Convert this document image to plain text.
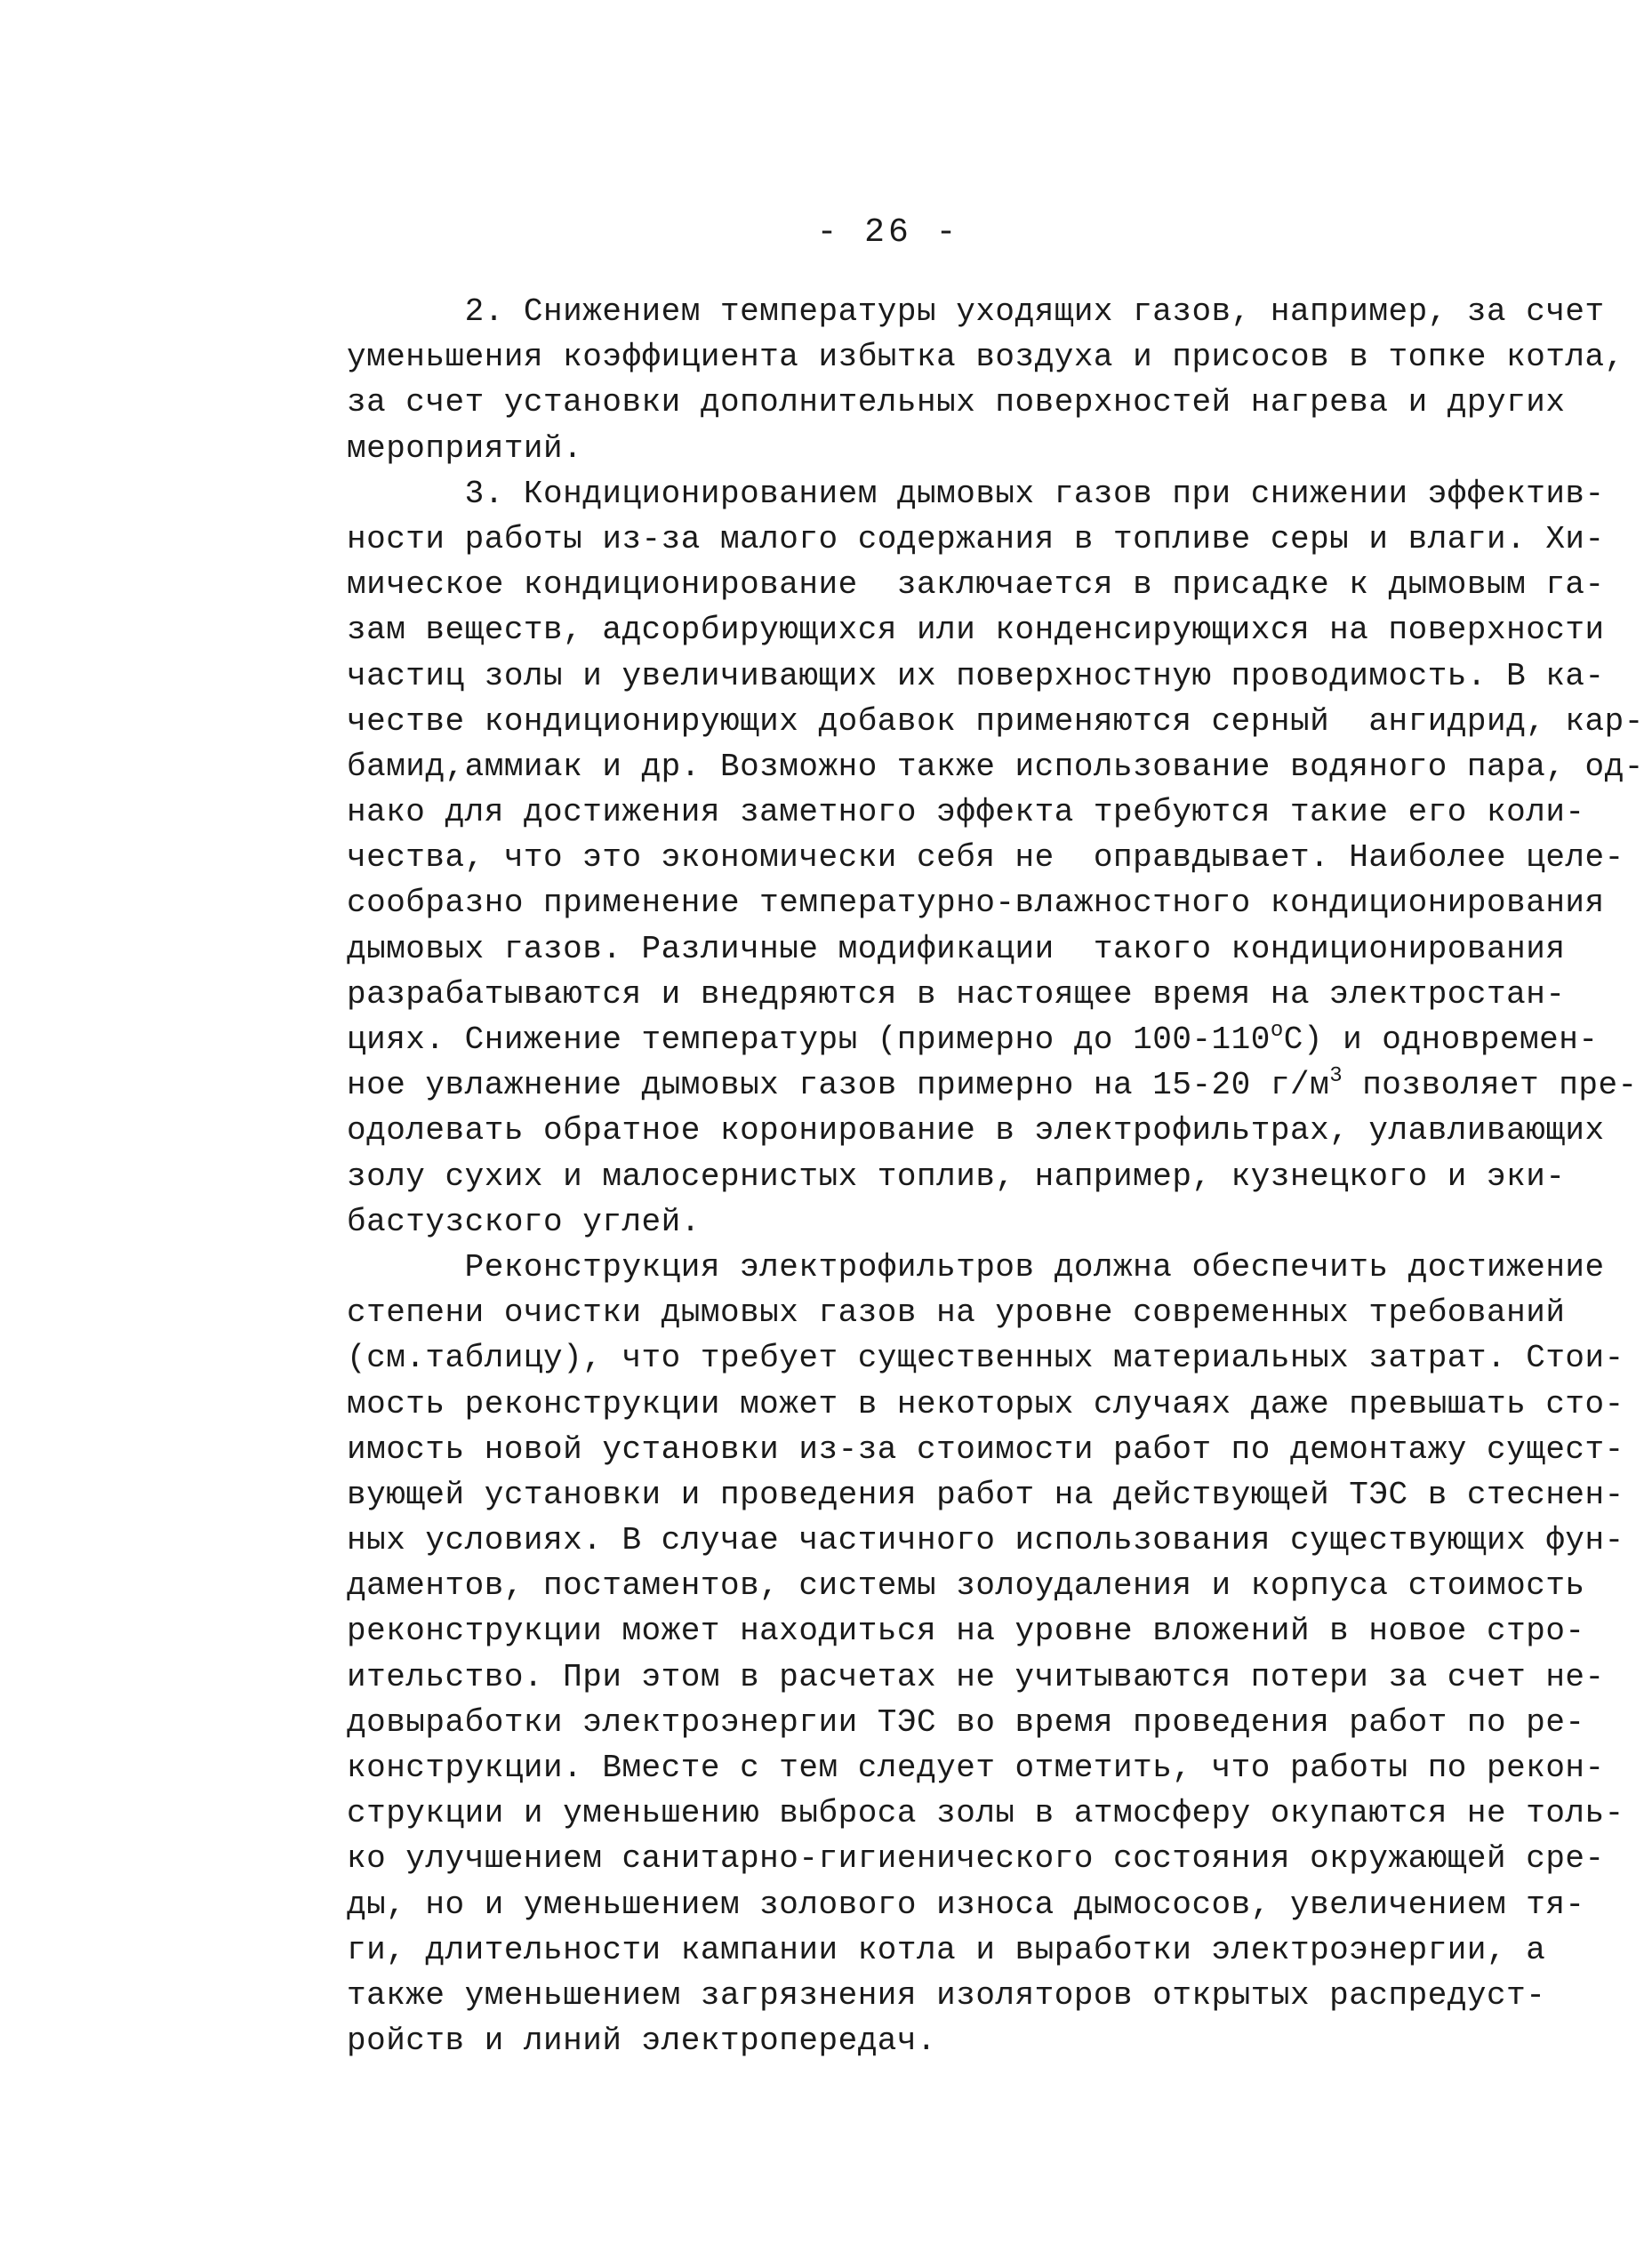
- 26 -
2. Снижением температуры уходящих газов, например, за счет
уменьшения коэффициента избытка воздуха и присосов в топке котла,
за счет установки дополнительных поверхностей нагрева и других
мероприятий.
3. Кондиционированием дымовых газов при снижении эффектив-
ности работы из-за малого содержания в топливе серы и влаги. Хи-
мическое кондиционирование  заключается в присадке к дымовым га-
зам веществ, адсорбирующихся или конденсирующихся на поверхности
частиц золы и увеличивающих их поверхностную проводимость. В ка-
честве кондиционирующих добавок применяются серный  ангидрид, кар-
бамид,аммиак и др. Возможно также использование водяного пара, од-
нако для достижения заметного эффекта требуются такие его коли-
чества, что это экономически себя не  оправдывает. Наиболее целе-
сообразно применение температурно-влажностного кондиционирования
дымовых газов. Различные модификации  такого кондиционирования
разрабатываются и внедряются в настоящее время на электростан-
циях. Снижение температуры (примерно до $100-110^оС$) и одновремен-
ное увлажнение дымовых газов примерно на 15-20 $г/м^3$ позволяет пре-
одолевать обратное коронирование в электрофильтрах, улавливающих
золу сухих и малосернистых топлив, например, кузнецкого и эки-
бастузского углей.
Реконструкция электрофильтров должна обеспечить достижение
степени очистки дымовых газов на уровне современных требований
(см.таблицу), что требует существенных материальных затрат. Стои-
мость реконструкции может в некоторых случаях даже превышать сто-
имость новой установки из-за стоимости работ по демонтажу сущест-
вующей установки и проведения работ на действующей ТЭС в стеснен-
ных условиях. В случае частичного использования существующих фун-
даментов, постаментов, системы золоудаления и корпуса стоимость
реконструкции может находиться на уровне вложений в новое стро-
ительство. При этом в расчетах не учитываются потери за счет не-
довыработки электроэнергии ТЭС во время проведения работ по ре-
конструкции. Вместе с тем следует отметить, что работы по рекон-
струкции и уменьшению выброса золы в атмосферу окупаются не толь-
ко улучшением санитарно-гигиенического состояния окружающей сре-
ды, но и уменьшением золового износа дымососов, увеличением тя-
ги, длительности кампании котла и выработки электроэнергии, а
также уменьшением загрязнения изоляторов открытых распредуст-
ройств и линий электропередач.
